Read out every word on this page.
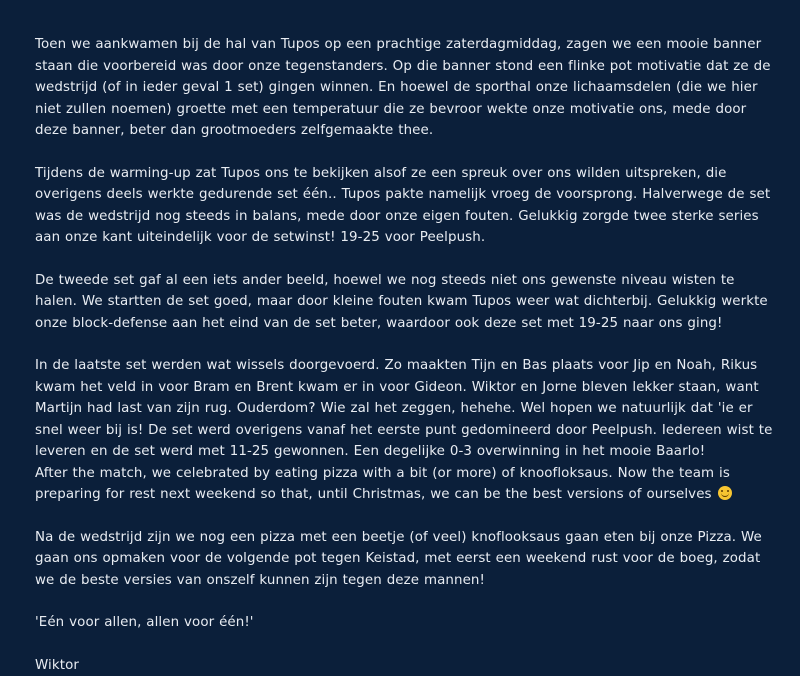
Toen we aankwamen bij de hal van Tupos op een prachtige zaterdagmiddag, zagen we een mooie banner staan die voorbereid was door onze tegenstanders. Op die banner stond een flinke pot motivatie dat ze de wedstrijd (of in ieder geval 1 set) gingen winnen. En hoewel de sporthal onze lichaamsdelen (die we hier niet zullen noemen) groette met een temperatuur die ze bevroor wekte onze motivatie ons, mede door deze banner, beter dan grootmoeders zelfgemaakte thee.

Tijdens de warming-up zat Tupos ons te bekijken alsof ze een spreuk over ons wilden uitspreken, die overigens deels werkte gedurende set één.. Tupos pakte namelijk vroeg de voorsprong. Halverwege de set was de wedstrijd nog steeds in balans, mede door onze eigen fouten. Gelukkig zorgde twee sterke series aan onze kant uiteindelijk voor de setwinst! 19-25 voor Peelpush.

De tweede set gaf al een iets ander beeld, hoewel we nog steeds niet ons gewenste niveau wisten te halen. We startten de set goed, maar door kleine fouten kwam Tupos weer wat dichterbij. Gelukkig werkte onze block-defense aan het eind van de set beter, waardoor ook deze set met 19-25 naar ons ging!

In de laatste set werden wat wissels doorgevoerd. Zo maakten Tijn en Bas plaats voor Jip en Noah, Rikus kwam het veld in voor Bram en Brent kwam er in voor Gideon. Wiktor en Jorne bleven lekker staan, want Martijn had last van zijn rug. Ouderdom? Wie zal het zeggen, hehehe. Wel hopen we natuurlijk dat 'ie er snel weer bij is! De set werd overigens vanaf het eerste punt gedomineerd door Peelpush. Iedereen wist te leveren en de set werd met 11-25 gewonnen. Een degelijke 0-3 overwinning in het mooie Baarlo!
After the match, we celebrated by eating pizza with a bit (or more) of knoofloksaus. Now the team is preparing for rest next weekend so that, until Christmas, we can be the best versions of ourselves

Na de wedstrijd zijn we nog een pizza met een beetje (of veel) knoflooksaus gaan eten bij onze Pizza. We gaan ons opmaken voor de volgende pot tegen Keistad, met eerst een weekend rust voor de boeg, zodat we de beste versies van onszelf kunnen zijn tegen deze mannen!

'Eén voor allen, allen voor één!'

Wiktor
